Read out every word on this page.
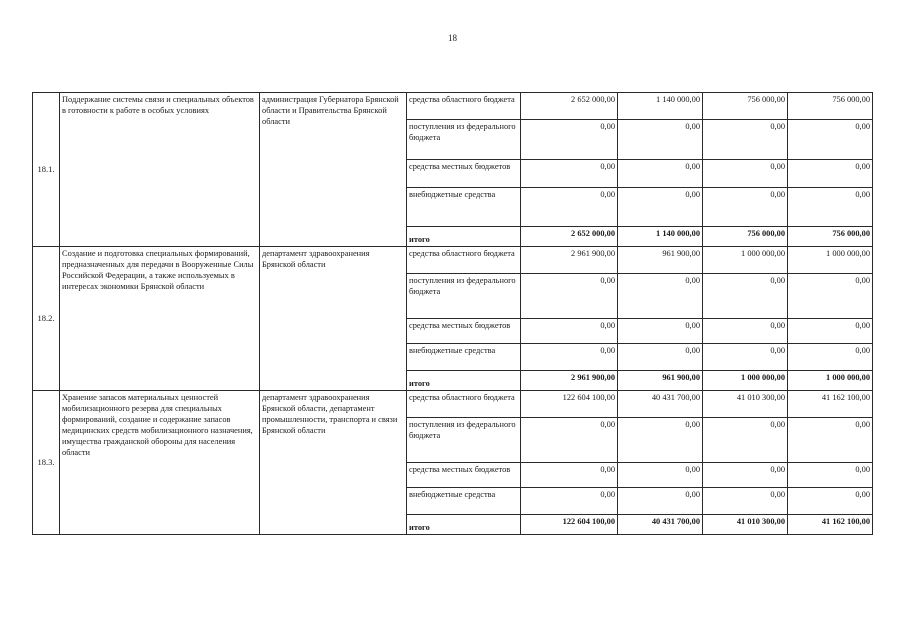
18
18.1.	Поддержание системы связи и специальных объектов в готовности к работе в особых условиях	администрация Губернатора Брянской области и Правительства Брянской области	средства областного бюджета	2 652 000,00	1 140 000,00	756 000,00	756 000,00
			поступления из федерального бюджета	0,00	0,00	0,00	0,00
			средства местных бюджетов	0,00	0,00	0,00	0,00
			внебюджетные средства	0,00	0,00	0,00	0,00
			итого	2 652 000,00	1 140 000,00	756 000,00	756 000,00
18.2.	Создание и подготовка специальных формирований, предназначенных для передачи в Вооруженные Силы Российской Федерации, а также используемых в интересах экономики Брянской области	департамент здравоохранения Брянской области	средства областного бюджета	2 961 900,00	961 900,00	1 000 000,00	1 000 000,00
			поступления из федерального бюджета	0,00	0,00	0,00	0,00
			средства местных бюджетов	0,00	0,00	0,00	0,00
			внебюджетные средства	0,00	0,00	0,00	0,00
			итого	2 961 900,00	961 900,00	1 000 000,00	1 000 000,00
18.3.	Хранение запасов материальных ценностей мобилизационного резерва для специальных формирований, создание и содержание запасов медицинских средств мобилизационного назначения, имущества гражданской обороны для населения области	департамент здравоохранения Брянской области, департамент промышленности, транспорта и связи Брянской области	средства областного бюджета	122 604 100,00	40 431 700,00	41 010 300,00	41 162 100,00
			поступления из федерального бюджета	0,00	0,00	0,00	0,00
			средства местных бюджетов	0,00	0,00	0,00	0,00
			внебюджетные средства	0,00	0,00	0,00	0,00
			итого	122 604 100,00	40 431 700,00	41 010 300,00	41 162 100,00
